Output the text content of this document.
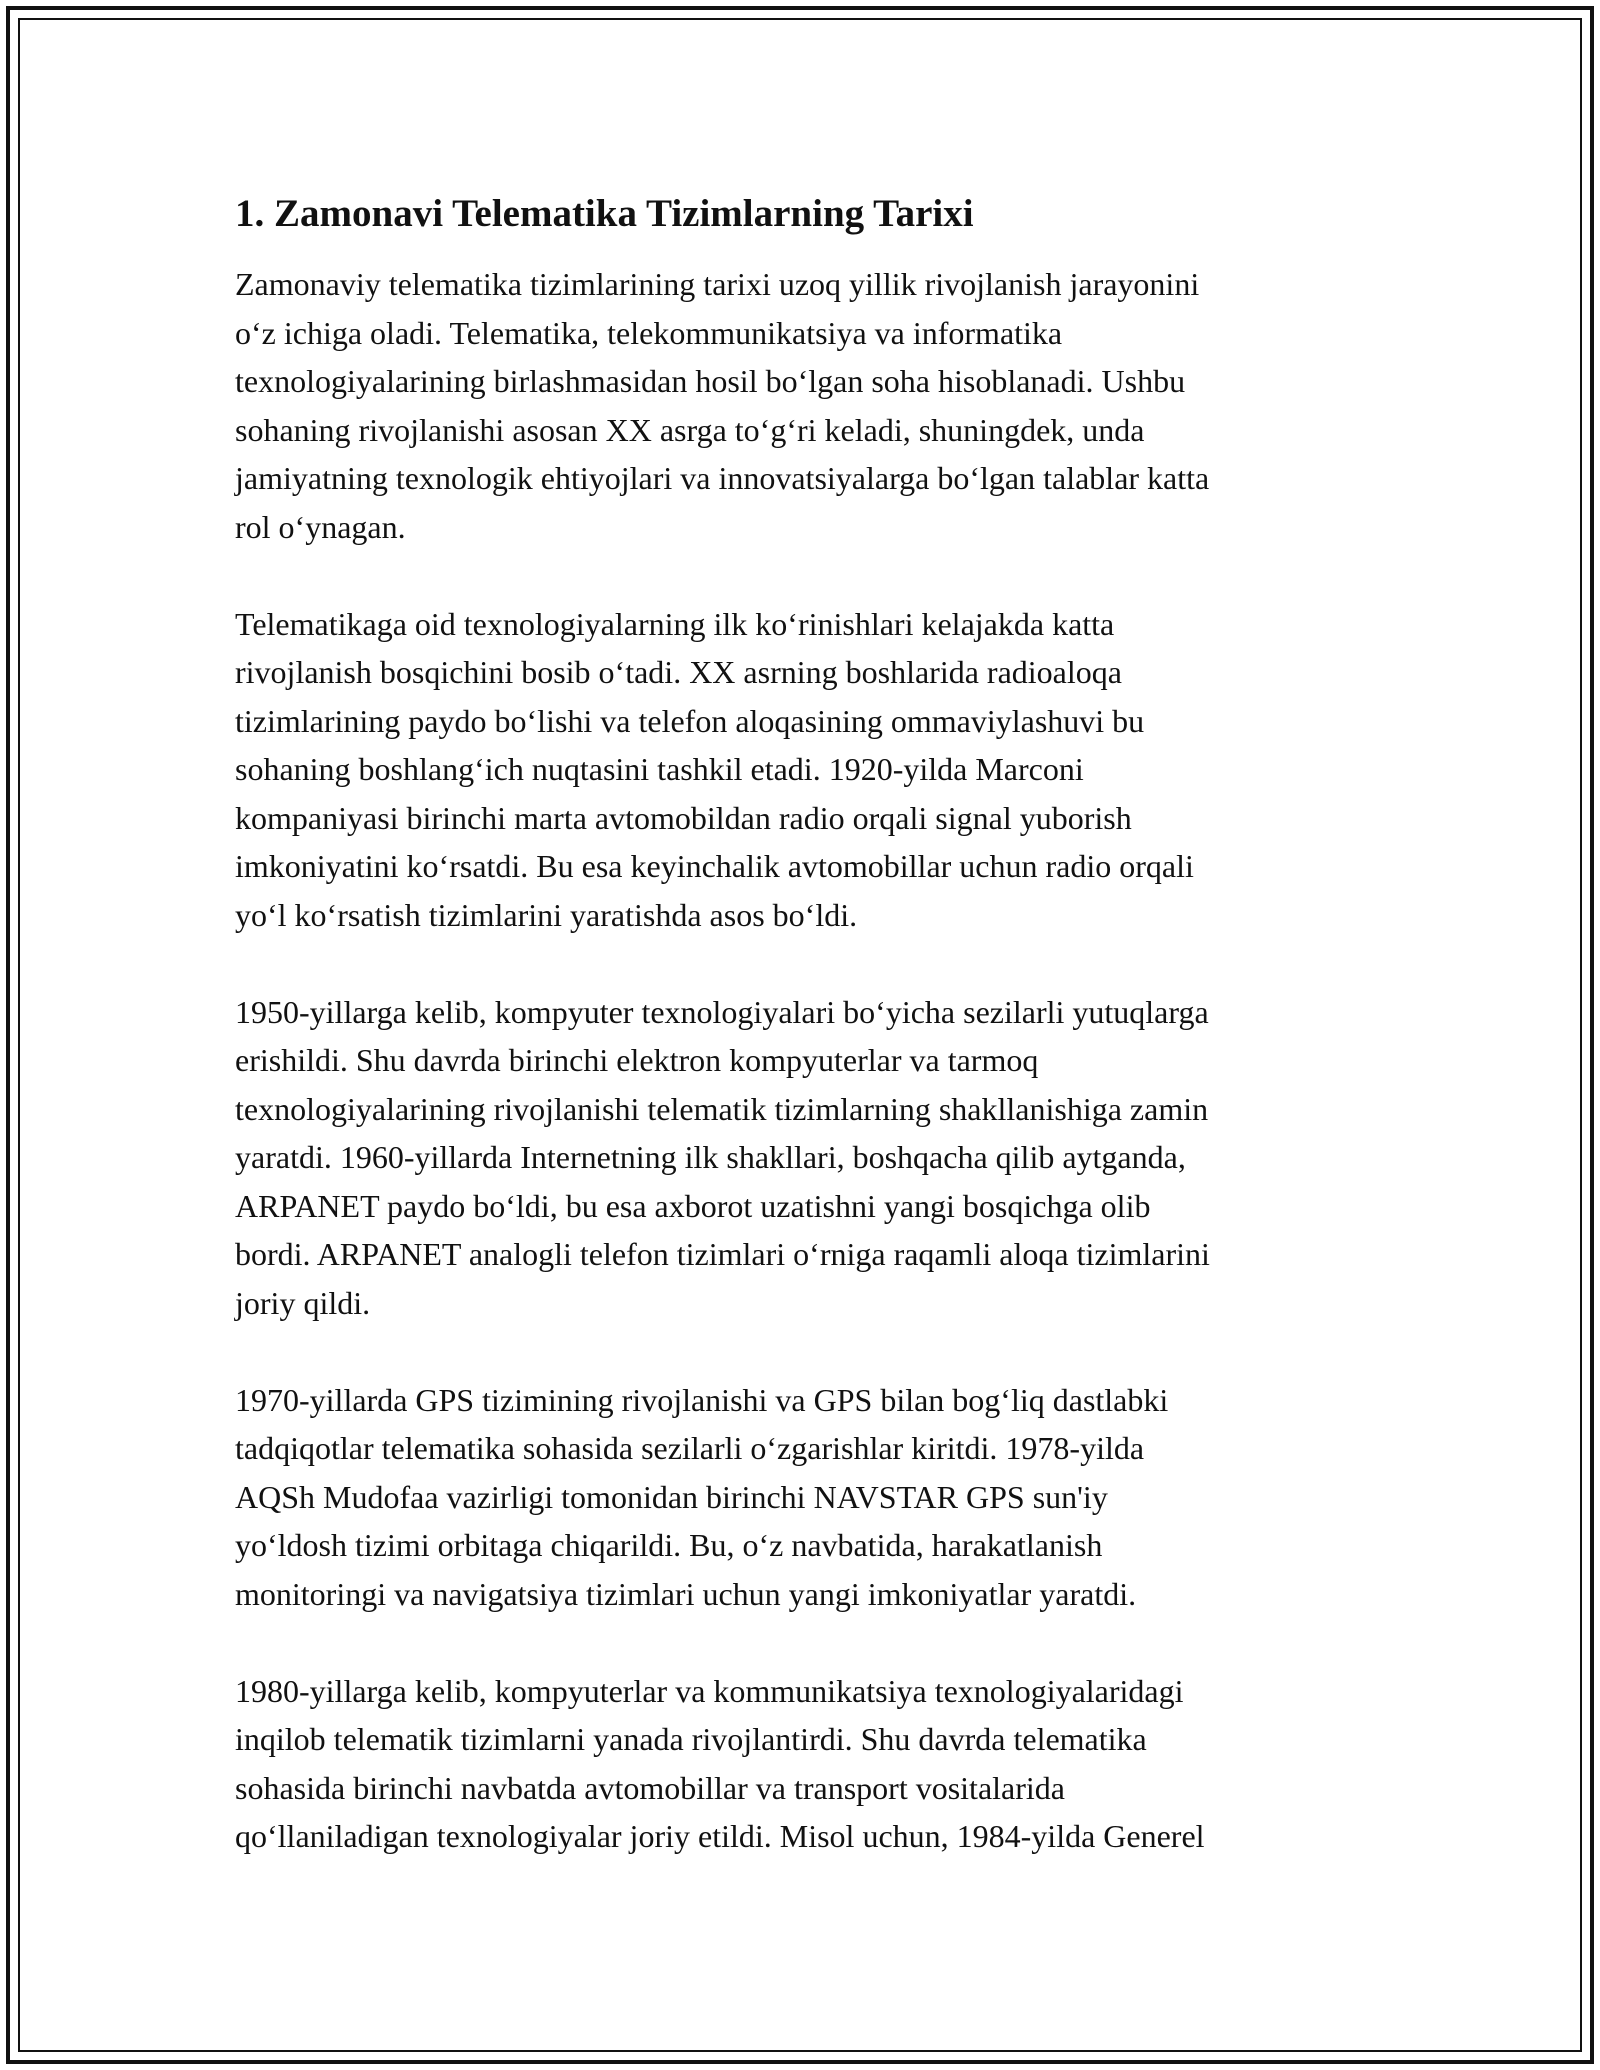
1. Zamonavi Telematika Tizimlarning Tarixi

Zamonaviy telematika tizimlarining tarixi uzoq yillik rivojlanish jarayonini
o‘z ichiga oladi. Telematika, telekommunikatsiya va informatika
texnologiyalarining birlashmasidan hosil bo‘lgan soha hisoblanadi. Ushbu
sohaning rivojlanishi asosan XX asrga to‘g‘ri keladi, shuningdek, unda
jamiyatning texnologik ehtiyojlari va innovatsiyalarga bo‘lgan talablar katta
rol o‘ynagan.

Telematikaga oid texnologiyalarning ilk ko‘rinishlari kelajakda katta
rivojlanish bosqichini bosib o‘tadi. XX asrning boshlarida radioaloqa
tizimlarining paydo bo‘lishi va telefon aloqasining ommaviylashuvi bu
sohaning boshlang‘ich nuqtasini tashkil etadi. 1920-yilda Marconi
kompaniyasi birinchi marta avtomobildan radio orqali signal yuborish
imkoniyatini ko‘rsatdi. Bu esa keyinchalik avtomobillar uchun radio orqali
yo‘l ko‘rsatish tizimlarini yaratishda asos bo‘ldi.

1950-yillarga kelib, kompyuter texnologiyalari bo‘yicha sezilarli yutuqlarga
erishildi. Shu davrda birinchi elektron kompyuterlar va tarmoq
texnologiyalarining rivojlanishi telematik tizimlarning shakllanishiga zamin
yaratdi. 1960-yillarda Internetning ilk shakllari, boshqacha qilib aytganda,
ARPANET paydo bo‘ldi, bu esa axborot uzatishni yangi bosqichga olib
bordi. ARPANET analogli telefon tizimlari o‘rniga raqamli aloqa tizimlarini
joriy qildi.

1970-yillarda GPS tizimining rivojlanishi va GPS bilan bog‘liq dastlabki
tadqiqotlar telematika sohasida sezilarli o‘zgarishlar kiritdi. 1978-yilda
AQSh Mudofaa vazirligi tomonidan birinchi NAVSTAR GPS sun'iy
yo‘ldosh tizimi orbitaga chiqarildi. Bu, o‘z navbatida, harakatlanish
monitoringi va navigatsiya tizimlari uchun yangi imkoniyatlar yaratdi.

1980-yillarga kelib, kompyuterlar va kommunikatsiya texnologiyalaridagi
inqilob telematik tizimlarni yanada rivojlantirdi. Shu davrda telematika
sohasida birinchi navbatda avtomobillar va transport vositalarida
qo‘llaniladigan texnologiyalar joriy etildi. Misol uchun, 1984-yilda Generel
